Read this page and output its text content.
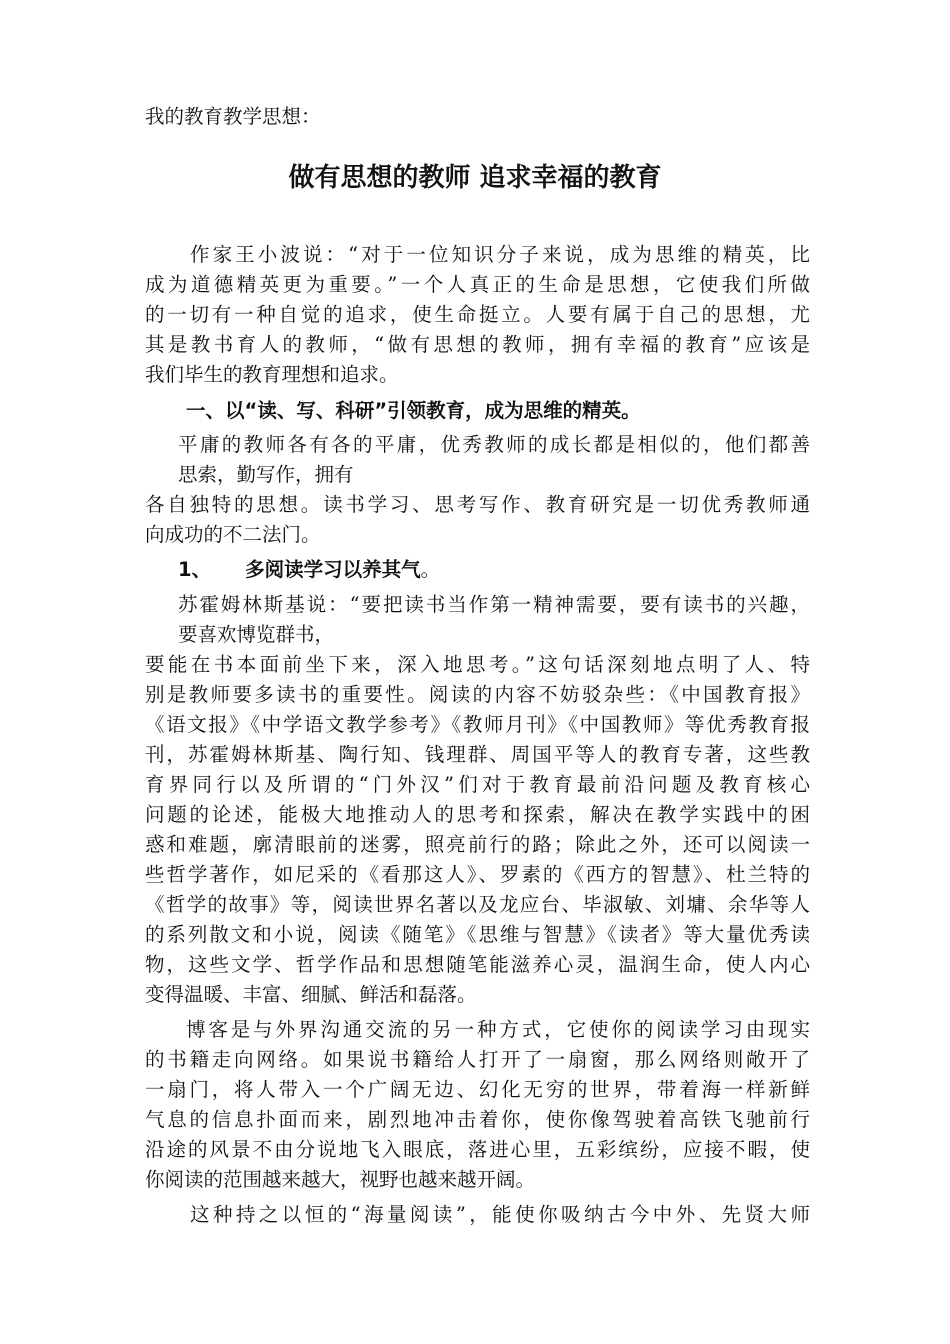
我的教育教学思想：
做有思想的教师 追求幸福的教育
作家王小波说：“对于一位知识分子来说，成为思维的精英，比
成为道德精英更为重要。”一个人真正的生命是思想，它使我们所做
的一切有一种自觉的追求，使生命挺立。人要有属于自己的思想，尤
其是教书育人的教师，“做有思想的教师，拥有幸福的教育”应该是
我们毕生的教育理想和追求。
一、以“读、写、科研”引领教育，成为思维的精英。
平庸的教师各有各的平庸，优秀教师的成长都是相似的，他们都善
思索，勤写作，拥有
各自独特的思想。读书学习、思考写作、教育研究是一切优秀教师通
向成功的不二法门。
1、 多阅读学习以养其气。
苏霍姆林斯基说：“要把读书当作第一精神需要，要有读书的兴趣，
要喜欢博览群书，
要能在书本面前坐下来，深入地思考。”这句话深刻地点明了人、特
别是教师要多读书的重要性。阅读的内容不妨驳杂些：《中国教育报》
《语文报》《中学语文教学参考》《教师月刊》《中国教师》等优秀教育报
刊，苏霍姆林斯基、陶行知、钱理群、周国平等人的教育专著，这些教
育界同行以及所谓的“门外汉”们对于教育最前沿问题及教育核心
问题的论述，能极大地推动人的思考和探索，解决在教学实践中的困
惑和难题，廓清眼前的迷雾，照亮前行的路；除此之外，还可以阅读一
些哲学著作，如尼采的《看那这人》、罗素的《西方的智慧》、杜兰特的
《哲学的故事》等，阅读世界名著以及龙应台、毕淑敏、刘墉、余华等人
的系列散文和小说，阅读《随笔》《思维与智慧》《读者》等大量优秀读
物，这些文学、哲学作品和思想随笔能滋养心灵，温润生命，使人内心
变得温暖、丰富、细腻、鲜活和磊落。
博客是与外界沟通交流的另一种方式，它使你的阅读学习由现实
的书籍走向网络。如果说书籍给人打开了一扇窗，那么网络则敞开了
一扇门，将人带入一个广阔无边、幻化无穷的世界，带着海一样新鲜
气息的信息扑面而来，剧烈地冲击着你，使你像驾驶着高铁飞驰前行
沿途的风景不由分说地飞入眼底，落进心里，五彩缤纷，应接不暇，使
你阅读的范围越来越大，视野也越来越开阔。
这种持之以恒的“海量阅读”，能使你吸纳古今中外、先贤大师
